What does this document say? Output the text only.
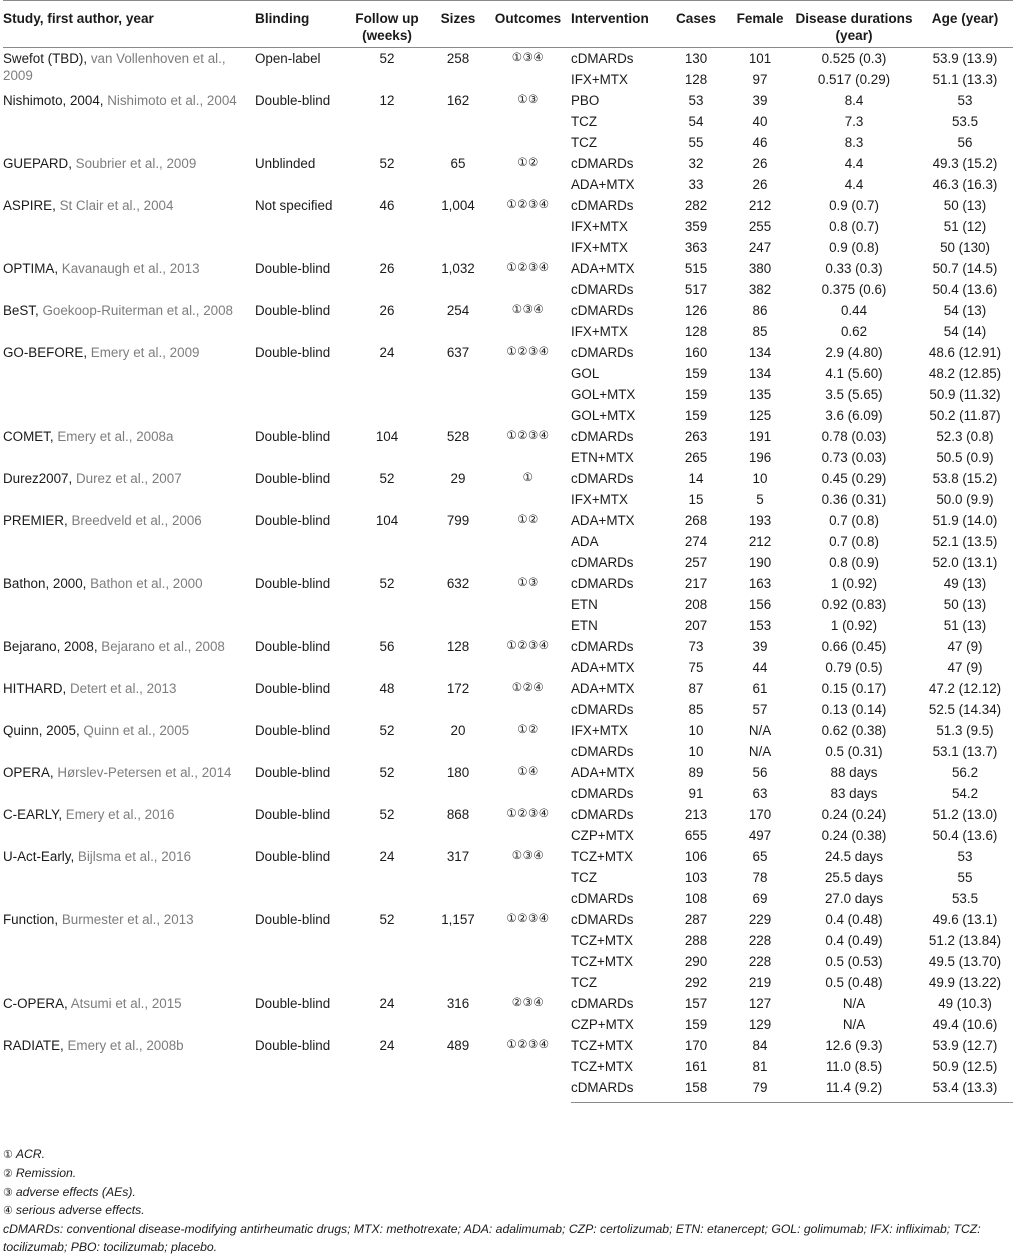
Study, first author, year	Blinding	Follow up (weeks)	Sizes	Outcomes	Intervention	Cases	Female	Disease durations (year)	Age (year)
Swefot (TBD), van Vollenhoven et al., 2009	Open-label	52	258	①③④	cDMARDs	130	101	0.525 (0.3)	53.9 (13.9)
					IFX+MTX	128	97	0.517 (0.29)	51.1 (13.3)
Nishimoto, 2004, Nishimoto et al., 2004	Double-blind	12	162	①③	PBO	53	39	8.4	53
					TCZ	54	40	7.3	53.5
					TCZ	55	46	8.3	56
GUEPARD, Soubrier et al., 2009	Unblinded	52	65	①②	cDMARDs	32	26	4.4	49.3 (15.2)
					ADA+MTX	33	26	4.4	46.3 (16.3)
ASPIRE, St Clair et al., 2004	Not specified	46	1,004	①②③④	cDMARDs	282	212	0.9 (0.7)	50 (13)
					IFX+MTX	359	255	0.8 (0.7)	51 (12)
					IFX+MTX	363	247	0.9 (0.8)	50 (130)
OPTIMA, Kavanaugh et al., 2013	Double-blind	26	1,032	①②③④	ADA+MTX	515	380	0.33 (0.3)	50.7 (14.5)
					cDMARDs	517	382	0.375 (0.6)	50.4 (13.6)
BeST, Goekoop-Ruiterman et al., 2008	Double-blind	26	254	①③④	cDMARDs	126	86	0.44	54 (13)
					IFX+MTX	128	85	0.62	54 (14)
GO-BEFORE, Emery et al., 2009	Double-blind	24	637	①②③④	cDMARDs	160	134	2.9 (4.80)	48.6 (12.91)
					GOL	159	134	4.1 (5.60)	48.2 (12.85)
					GOL+MTX	159	135	3.5 (5.65)	50.9 (11.32)
					GOL+MTX	159	125	3.6 (6.09)	50.2 (11.87)
COMET, Emery et al., 2008a	Double-blind	104	528	①②③④	cDMARDs	263	191	0.78 (0.03)	52.3 (0.8)
					ETN+MTX	265	196	0.73 (0.03)	50.5 (0.9)
Durez2007, Durez et al., 2007	Double-blind	52	29	①	cDMARDs	14	10	0.45 (0.29)	53.8 (15.2)
					IFX+MTX	15	5	0.36 (0.31)	50.0 (9.9)
PREMIER, Breedveld et al., 2006	Double-blind	104	799	①②	ADA+MTX	268	193	0.7 (0.8)	51.9 (14.0)
					ADA	274	212	0.7 (0.8)	52.1 (13.5)
					cDMARDs	257	190	0.8 (0.9)	52.0 (13.1)
Bathon, 2000, Bathon et al., 2000	Double-blind	52	632	①③	cDMARDs	217	163	1 (0.92)	49 (13)
					ETN	208	156	0.92 (0.83)	50 (13)
					ETN	207	153	1 (0.92)	51 (13)
Bejarano, 2008, Bejarano et al., 2008	Double-blind	56	128	①②③④	cDMARDs	73	39	0.66 (0.45)	47 (9)
					ADA+MTX	75	44	0.79 (0.5)	47 (9)
HITHARD, Detert et al., 2013	Double-blind	48	172	①②④	ADA+MTX	87	61	0.15 (0.17)	47.2 (12.12)
					cDMARDs	85	57	0.13 (0.14)	52.5 (14.34)
Quinn, 2005, Quinn et al., 2005	Double-blind	52	20	①②	IFX+MTX	10	N/A	0.62 (0.38)	51.3 (9.5)
					cDMARDs	10	N/A	0.5 (0.31)	53.1 (13.7)
OPERA, Hørslev-Petersen et al., 2014	Double-blind	52	180	①④	ADA+MTX	89	56	88 days	56.2
					cDMARDs	91	63	83 days	54.2
C-EARLY, Emery et al., 2016	Double-blind	52	868	①②③④	cDMARDs	213	170	0.24 (0.24)	51.2 (13.0)
					CZP+MTX	655	497	0.24 (0.38)	50.4 (13.6)
U-Act-Early, Bijlsma et al., 2016	Double-blind	24	317	①③④	TCZ+MTX	106	65	24.5 days	53
					TCZ	103	78	25.5 days	55
					cDMARDs	108	69	27.0 days	53.5
Function, Burmester et al., 2013	Double-blind	52	1,157	①②③④	cDMARDs	287	229	0.4 (0.48)	49.6 (13.1)
					TCZ+MTX	288	228	0.4 (0.49)	51.2 (13.84)
					TCZ+MTX	290	228	0.5 (0.53)	49.5 (13.70)
					TCZ	292	219	0.5 (0.48)	49.9 (13.22)
C-OPERA, Atsumi et al., 2015	Double-blind	24	316	②③④	cDMARDs	157	127	N/A	49 (10.3)
					CZP+MTX	159	129	N/A	49.4 (10.6)
RADIATE, Emery et al., 2008b	Double-blind	24	489	①②③④	TCZ+MTX	170	84	12.6 (9.3)	53.9 (12.7)
					TCZ+MTX	161	81	11.0 (8.5)	50.9 (12.5)
					cDMARDs	158	79	11.4 (9.2)	53.4 (13.3)
① ACR.
② Remission.
③ adverse effects (AEs).
④ serious adverse effects.
cDMARDs: conventional disease-modifying antirheumatic drugs; MTX: methotrexate; ADA: adalimumab; CZP: certolizumab; ETN: etanercept; GOL: golimumab; IFX: infliximab; TCZ: tocilizumab; PBO: tocilizumab; placebo.
